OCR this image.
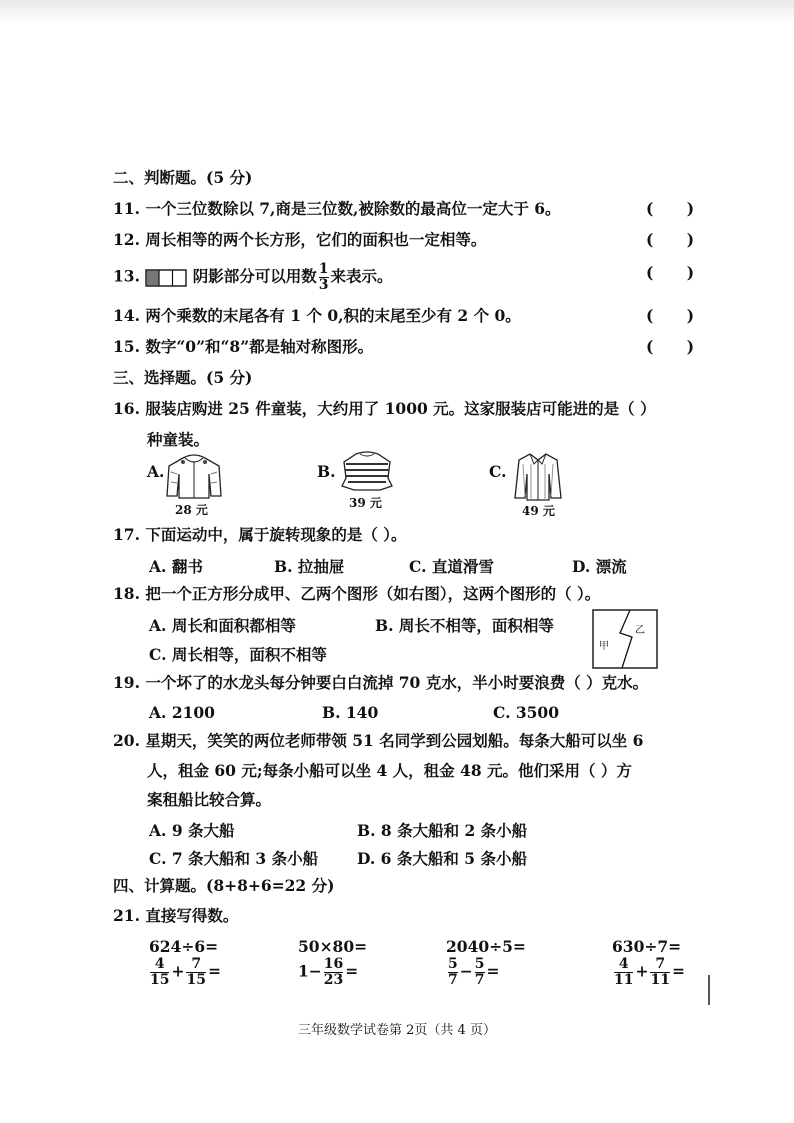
二、判断题。(5 分)
11. 一个三位数除以 7,商是三位数,被除数的最高位一定大于 6。	( )
12. 周长相等的两个长方形，它们的面积也一定相等。	( )
13.	阴影部分可以用数 $\frac{1}{3}$ 来表示。	( )
14. 两个乘数的末尾各有 1 个 0,积的末尾至少有 2 个 0。	( )
15. 数字“0”和“8”都是轴对称图形。	( )
三、选择题。(5 分)
16. 服装店购进 25 件童装，大约用了 1000 元。这家服装店可能进的是（ ）
种童装。
A.
28 元
B.
39 元
C.
49 元
17. 下面运动中，属于旋转现象的是（ ）。
A. 翻书	B. 拉抽屉	C. 直道滑雪	D. 漂流
18. 把一个正方形分成甲、乙两个图形（如右图），这两个图形的（ ）。
A. 周长和面积都相等	B. 周长不相等，面积相等
C. 周长相等，面积不相等	甲
乙
19. 一个坏了的水龙头每分钟要白白流掉 70 克水，半小时要浪费（ ）克水。
A. 2100	B. 140	C. 3500
20. 星期天，笑笑的两位老师带领 51 名同学到公园划船。每条大船可以坐 6
人，租金 60 元;每条小船可以坐 4 人，租金 48 元。他们采用（ ）方
案租船比较合算。
A. 9 条大船	B. 8 条大船和 2 条小船
C. 7 条大船和 3 条小船	D. 6 条大船和 5 条小船
四、计算题。(8+8+6=22 分)
21. 直接写得数。
624÷6=	50×80=	2040÷5=	630÷7=
$\frac{4}{15} + \frac{7}{15}$ =	$1- \frac{16}{23}$ =	$\frac{5}{7} - \frac{5}{7}$ =	$\frac{4}{11} + \frac{7}{11}$ =
三年级数学试卷第 2页（共 4 页）
